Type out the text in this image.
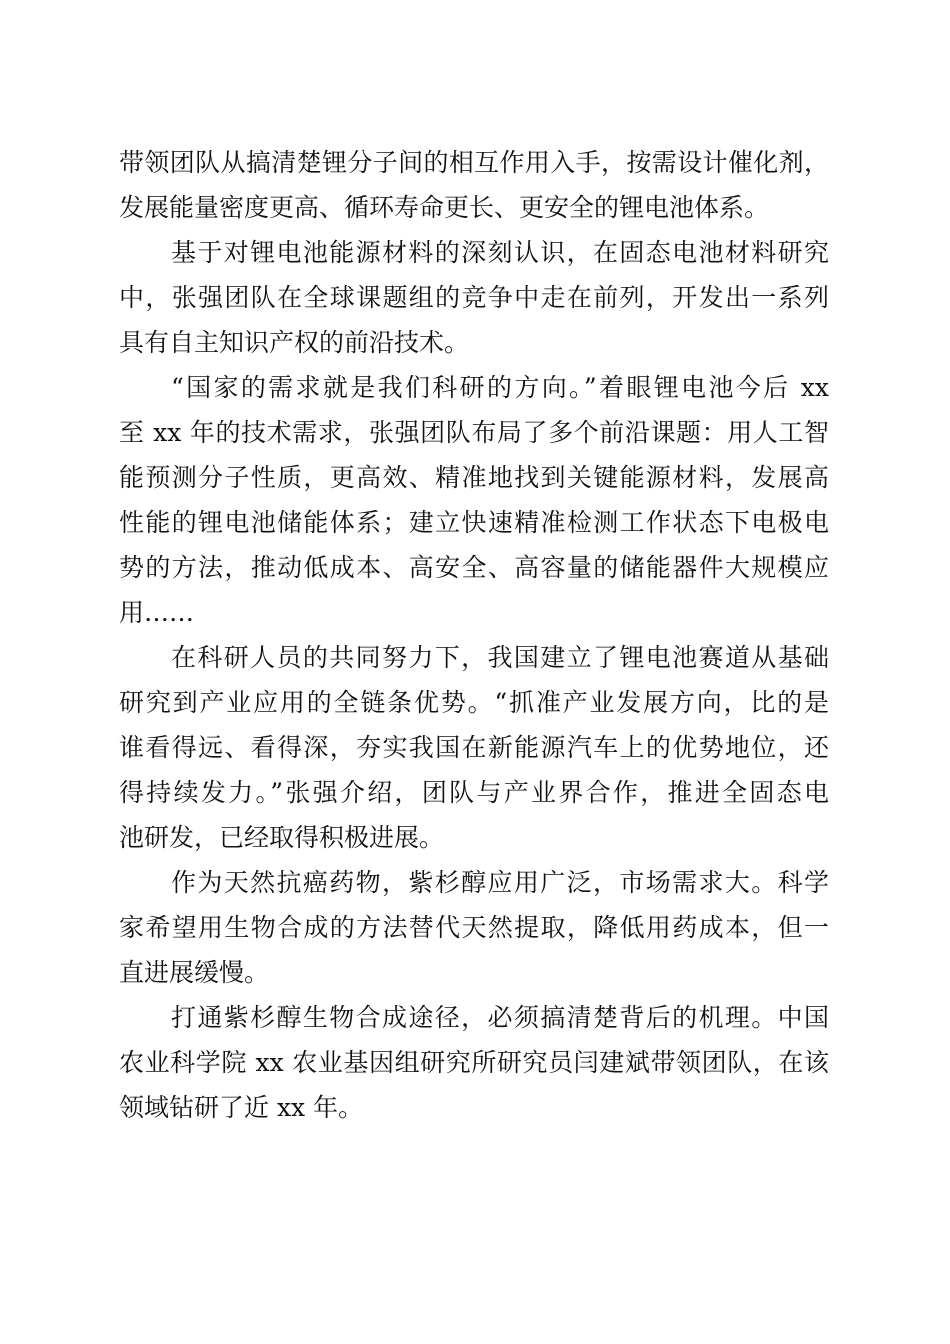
带领团队从搞清楚锂分子间的相互作用入手，按需设计催化剂，
发展能量密度更高、循环寿命更长、更安全的锂电池体系。
基于对锂电池能源材料的深刻认识，在固态电池材料研究
中，张强团队在全球课题组的竞争中走在前列，开发出一系列
具有自主知识产权的前沿技术。
“国家的需求就是我们科研的方向。”着眼锂电池今后 xx
至 xx 年的技术需求，张强团队布局了多个前沿课题：用人工智
能预测分子性质，更高效、精准地找到关键能源材料，发展高
性能的锂电池储能体系；建立快速精准检测工作状态下电极电
势的方法，推动低成本、高安全、高容量的储能器件大规模应
用……
在科研人员的共同努力下，我国建立了锂电池赛道从基础
研究到产业应用的全链条优势。“抓准产业发展方向，比的是
谁看得远、看得深，夯实我国在新能源汽车上的优势地位，还
得持续发力。”张强介绍，团队与产业界合作，推进全固态电
池研发，已经取得积极进展。
作为天然抗癌药物，紫杉醇应用广泛，市场需求大。科学
家希望用生物合成的方法替代天然提取，降低用药成本，但一
直进展缓慢。
打通紫杉醇生物合成途径，必须搞清楚背后的机理。中国
农业科学院 xx 农业基因组研究所研究员闫建斌带领团队，在该
领域钻研了近 xx 年。
